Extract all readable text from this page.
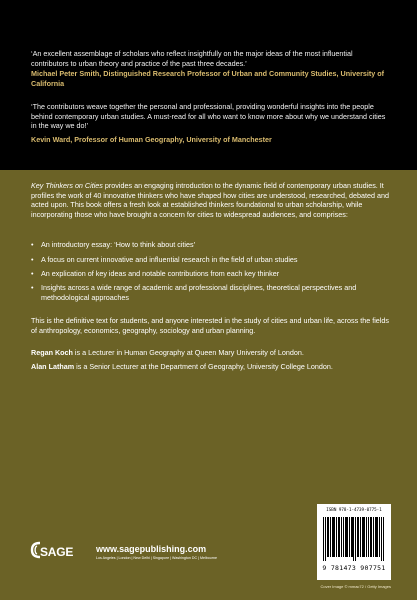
‘An excellent assemblage of scholars who reflect insightfully on the major ideas of the most influential contributors to urban theory and practice of the past three decades.’

Michael Peter Smith, Distinguished Research Professor of Urban and Community Studies, University of California

‘The contributors weave together the personal and professional, providing wonderful insights into the people behind contemporary urban studies. A must-read for all who want to know more about why we understand cities in the way we do!’

Kevin Ward, Professor of Human Geography, University of Manchester

Key Thinkers on Cities provides an engaging introduction to the dynamic field of contemporary urban studies. It profiles the work of 40 innovative thinkers who have shaped how cities are understood, researched, debated and acted upon. This book offers a fresh look at established thinkers foundational to urban scholarship, while incorporating those who have brought a concern for cities to widespread audiences, and comprises:

• An introductory essay: ‘How to think about cities’
• A focus on current innovative and influential research in the field of urban studies
• An explication of key ideas and notable contributions from each key thinker
• Insights across a wide range of academic and professional disciplines, theoretical perspectives and methodological approaches

This is the definitive text for students, and anyone interested in the study of cities and urban life, across the fields of anthropology, economics, geography, sociology and urban planning.

Regan Koch is a Lecturer in Human Geography at Queen Mary University of London.

Alan Latham is a Senior Lecturer at the Department of Geography, University College London.

SAGE	www.sagepublishing.com
Los Angeles | London | New Delhi | Singapore | Washington DC | Melbourne
ISBN 978-1-4739-0775-1
9 781473 907751
Cover Image © mmac72 / Getty Images
